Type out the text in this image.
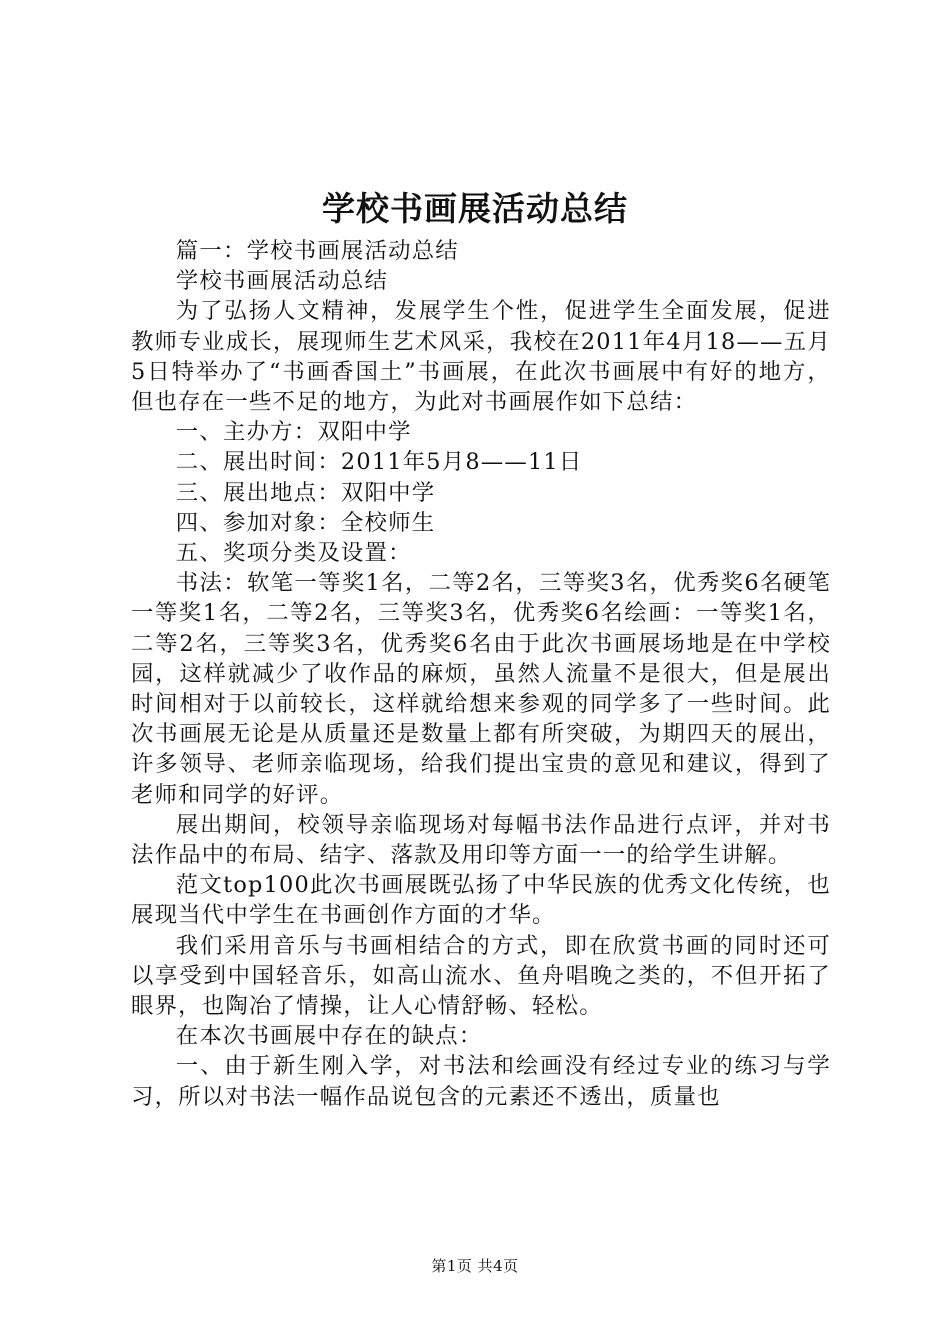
学校书画展活动总结

篇一：学校书画展活动总结

学校书画展活动总结

为了弘扬人文精神，发展学生个性，促进学生全面发展，促进教师专业成长，展现师生艺术风采，我校在2011年4月18——五月5日特举办了“书画香国土”书画展，在此次书画展中有好的地方，但也存在一些不足的地方，为此对书画展作如下总结：

一、主办方：双阳中学

二、展出时间：2011年5月8——11日

三、展出地点：双阳中学

四、参加对象：全校师生

五、奖项分类及设置：

书法：软笔一等奖1名，二等2名，三等奖3名，优秀奖6名硬笔一等奖1名，二等2名，三等奖3名，优秀奖6名绘画：一等奖1名，二等2名，三等奖3名，优秀奖6名由于此次书画展场地是在中学校园，这样就减少了收作品的麻烦，虽然人流量不是很大，但是展出时间相对于以前较长，这样就给想来参观的同学多了一些时间。此次书画展无论是从质量还是数量上都有所突破，为期四天的展出，许多领导、老师亲临现场，给我们提出宝贵的意见和建议，得到了老师和同学的好评。

展出期间，校领导亲临现场对每幅书法作品进行点评，并对书法作品中的布局、结字、落款及用印等方面一一的给学生讲解。

范文top100此次书画展既弘扬了中华民族的优秀文化传统，也展现当代中学生在书画创作方面的才华。

我们采用音乐与书画相结合的方式，即在欣赏书画的同时还可以享受到中国轻音乐，如高山流水、鱼舟唱晚之类的，不但开拓了眼界，也陶冶了情操，让人心情舒畅、轻松。

在本次书画展中存在的缺点：

一、由于新生刚入学，对书法和绘画没有经过专业的练习与学习，所以对书法一幅作品说包含的元素还不透出，质量也

第1页 共4页
